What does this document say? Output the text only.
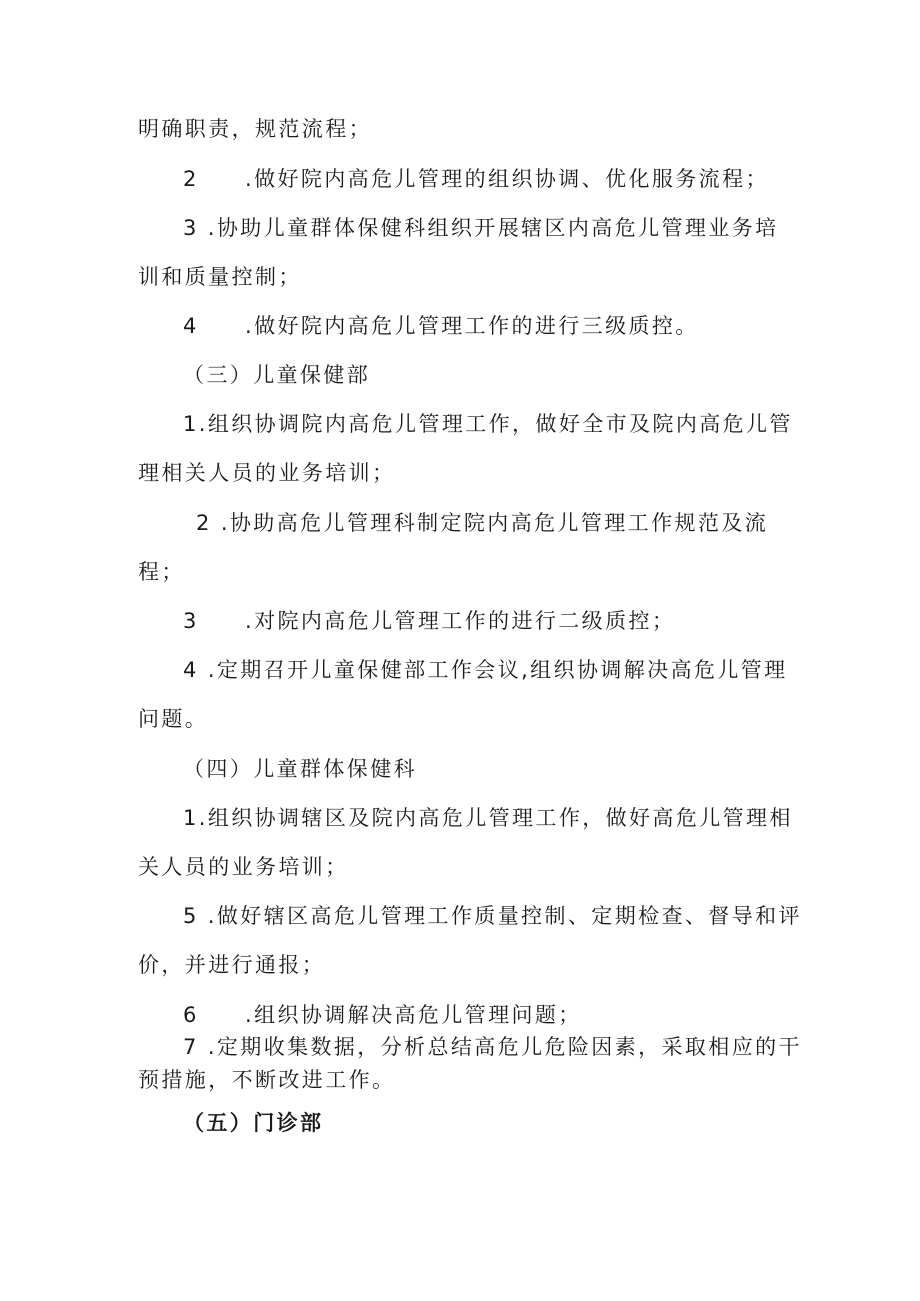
明确职责，规范流程；
2 .做好院内高危儿管理的组织协调、优化服务流程；
3 .协助儿童群体保健科组织开展辖区内高危儿管理业务培
训和质量控制；
4 .做好院内高危儿管理工作的进行三级质控。
（三）儿童保健部
1.组织协调院内高危儿管理工作，做好全市及院内高危儿管
理相关人员的业务培训；
2 .协助高危儿管理科制定院内高危儿管理工作规范及流
程；
3 .对院内高危儿管理工作的进行二级质控；
4 .定期召开儿童保健部工作会议,组织协调解决高危儿管理
问题。
（四）儿童群体保健科
1.组织协调辖区及院内高危儿管理工作，做好高危儿管理相
关人员的业务培训；
5 .做好辖区高危儿管理工作质量控制、定期检查、督导和评
价，并进行通报；
6 .组织协调解决高危儿管理问题；
7 .定期收集数据，分析总结高危儿危险因素，采取相应的干
预措施，不断改进工作。
（五）门诊部
